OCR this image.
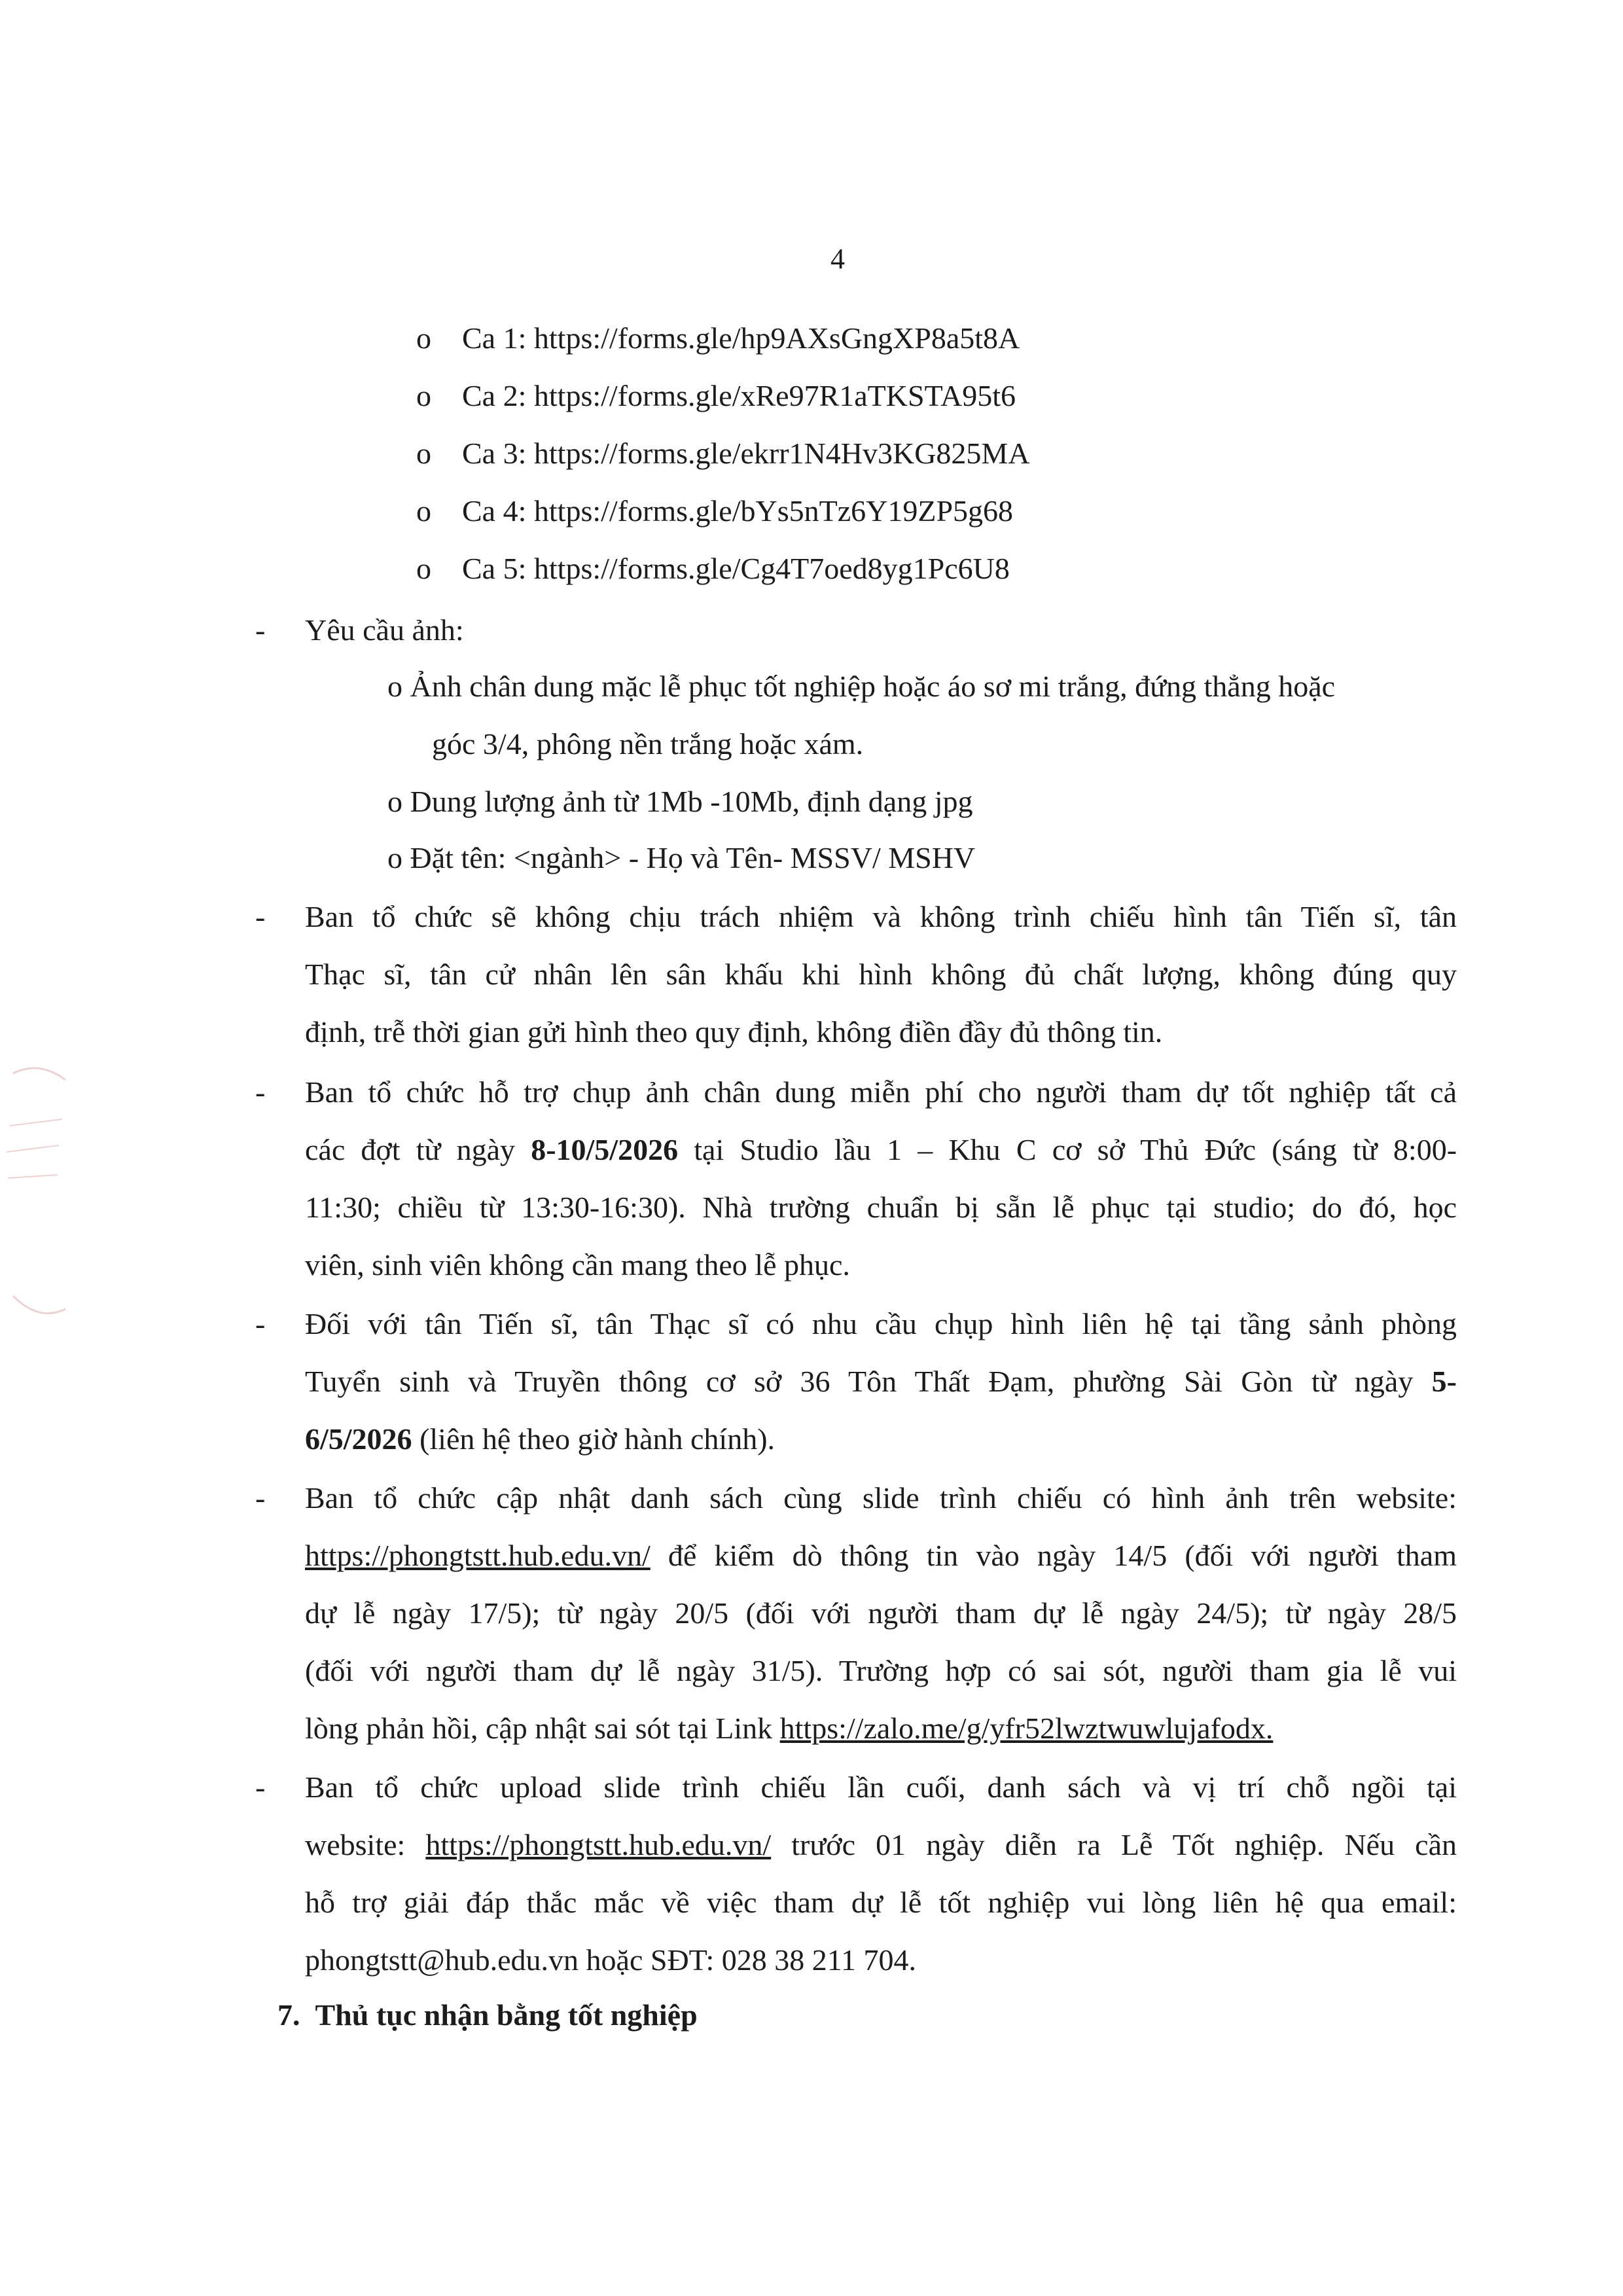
4
o Ca 1: https://forms.gle/hp9AXsGngXP8a5t8A
o Ca 2: https://forms.gle/xRe97R1aTKSTA95t6
o Ca 3: https://forms.gle/ekrr1N4Hv3KG825MA
o Ca 4: https://forms.gle/bYs5nTz6Y19ZP5g68
o Ca 5: https://forms.gle/Cg4T7oed8yg1Pc6U8
- Yêu cầu ảnh:
o Ảnh chân dung mặc lễ phục tốt nghiệp hoặc áo sơ mi trắng, đứng thẳng hoặc
góc 3/4, phông nền trắng hoặc xám.
o Dung lượng ảnh từ 1Mb -10Mb, định dạng jpg
o Đặt tên: <ngành> - Họ và Tên- MSSV/ MSHV
- Ban tổ chức sẽ không chịu trách nhiệm và không trình chiếu hình tân Tiến sĩ, tân
Thạc sĩ, tân cử nhân lên sân khấu khi hình không đủ chất lượng, không đúng quy
định, trễ thời gian gửi hình theo quy định, không điền đầy đủ thông tin.
- Ban tổ chức hỗ trợ chụp ảnh chân dung miễn phí cho người tham dự tốt nghiệp tất cả
các đợt từ ngày 8-10/5/2026 tại Studio lầu 1 – Khu C cơ sở Thủ Đức (sáng từ 8:00-
11:30; chiều từ 13:30-16:30). Nhà trường chuẩn bị sẵn lễ phục tại studio; do đó, học
viên, sinh viên không cần mang theo lễ phục.
- Đối với tân Tiến sĩ, tân Thạc sĩ có nhu cầu chụp hình liên hệ tại tầng sảnh phòng
Tuyển sinh và Truyền thông cơ sở 36 Tôn Thất Đạm, phường Sài Gòn từ ngày 5-
6/5/2026 (liên hệ theo giờ hành chính).
- Ban tổ chức cập nhật danh sách cùng slide trình chiếu có hình ảnh trên website:
https://phongtstt.hub.edu.vn/ để kiểm dò thông tin vào ngày 14/5 (đối với người tham
dự lễ ngày 17/5); từ ngày 20/5 (đối với người tham dự lễ ngày 24/5); từ ngày 28/5
(đối với người tham dự lễ ngày 31/5). Trường hợp có sai sót, người tham gia lễ vui
lòng phản hồi, cập nhật sai sót tại Link https://zalo.me/g/yfr52lwztwuwlujafodx.
- Ban tổ chức upload slide trình chiếu lần cuối, danh sách và vị trí chỗ ngồi tại
website: https://phongtstt.hub.edu.vn/ trước 01 ngày diễn ra Lễ Tốt nghiệp. Nếu cần
hỗ trợ giải đáp thắc mắc về việc tham dự lễ tốt nghiệp vui lòng liên hệ qua email:
phongtstt@hub.edu.vn hoặc SĐT: 028 38 211 704.
7. Thủ tục nhận bằng tốt nghiệp
